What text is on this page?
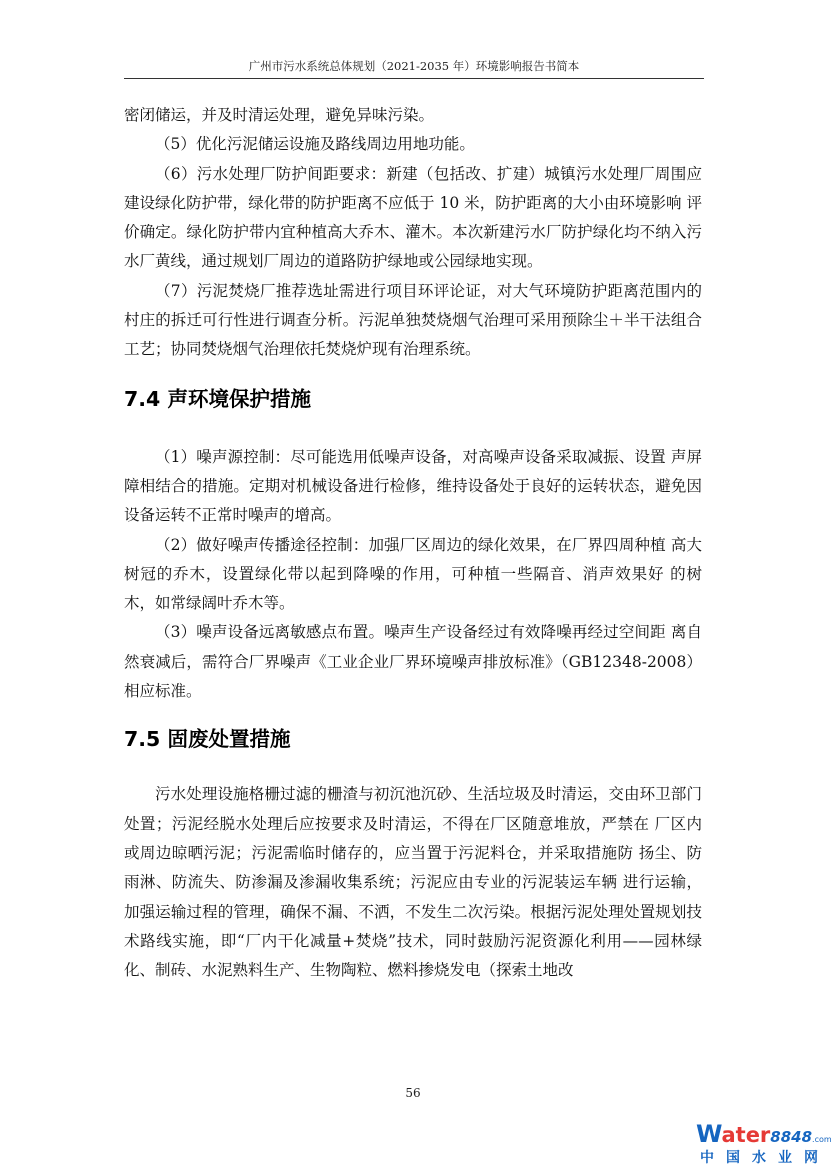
广州市污水系统总体规划（2021-2035 年）环境影响报告书简本

密闭储运，并及时清运处理，避免异味污染。

（5）优化污泥储运设施及路线周边用地功能。

（6）污水处理厂防护间距要求：新建（包括改、扩建）城镇污水处理厂周围应建设绿化防护带，绿化带的防护距离不应低于 10 米，防护距离的大小由环境影响 评价确定。绿化防护带内宜种植高大乔木、灌木。本次新建污水厂防护绿化均不纳入污水厂黄线，通过规划厂周边的道路防护绿地或公园绿地实现。

（7）污泥焚烧厂推荐选址需进行项目环评论证，对大气环境防护距离范围内的村庄的拆迁可行性进行调查分析。污泥单独焚烧烟气治理可采用预除尘＋半干法组合工艺；协同焚烧烟气治理依托焚烧炉现有治理系统。

7.4 声环境保护措施

（1）噪声源控制：尽可能选用低噪声设备，对高噪声设备采取减振、设置 声屏障相结合的措施。定期对机械设备进行检修，维持设备处于良好的运转状态，避免因设备运转不正常时噪声的增高。

（2）做好噪声传播途径控制：加强厂区周边的绿化效果，在厂界四周种植 高大树冠的乔木，设置绿化带以起到降噪的作用，可种植一些隔音、消声效果好 的树木，如常绿阔叶乔木等。

（3）噪声设备远离敏感点布置。噪声生产设备经过有效降噪再经过空间距 离自然衰减后，需符合厂界噪声《工业企业厂界环境噪声排放标准》（GB12348-2008）相应标准。

7.5 固废处置措施

污水处理设施格栅过滤的栅渣与初沉池沉砂、生活垃圾及时清运，交由环卫部门处置；污泥经脱水处理后应按要求及时清运，不得在厂区随意堆放，严禁在 厂区内或周边晾晒污泥；污泥需临时储存的，应当置于污泥料仓，并采取措施防 扬尘、防雨淋、防流失、防渗漏及渗漏收集系统；污泥应由专业的污泥装运车辆 进行运输，加强运输过程的管理，确保不漏、不洒，不发生二次污染。根据污泥处理处置规划技术路线实施，即“厂内干化减量+焚烧”技术，同时鼓励污泥资源化利用——园林绿化、制砖、水泥熟料生产、生物陶粒、燃料掺烧发电（探索土地改

56
Water8848.com
中国水业网
